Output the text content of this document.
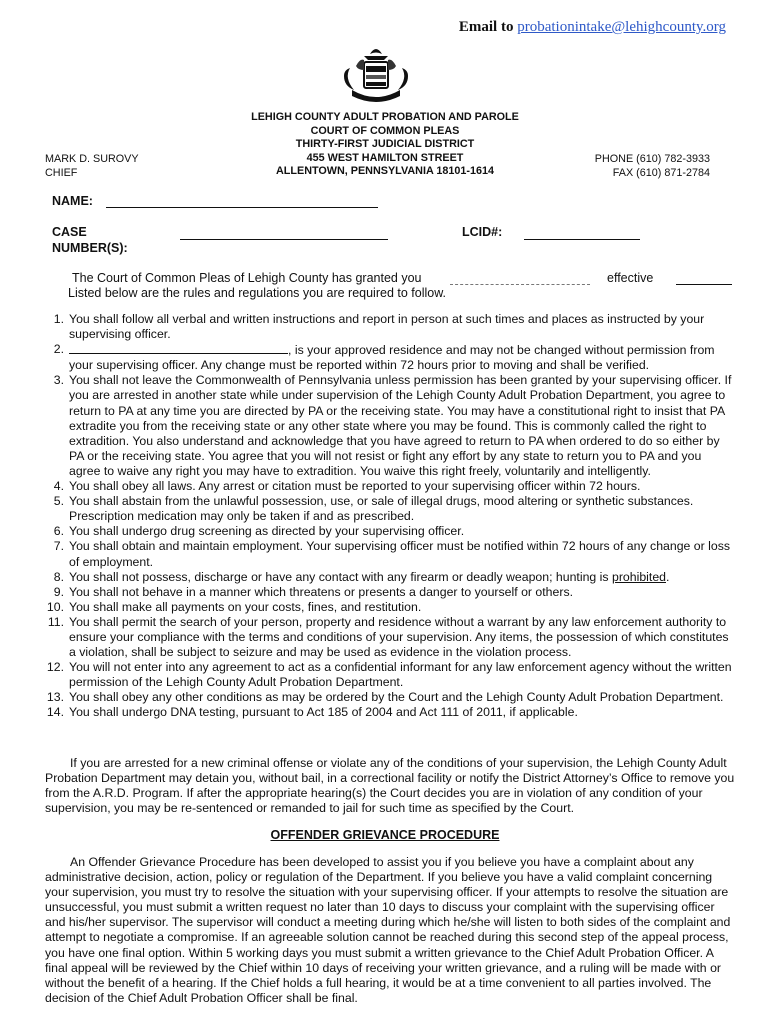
Email to probationintake@lehighcounty.org
LEHIGH COUNTY ADULT PROBATION AND PAROLE
COURT OF COMMON PLEAS
THIRTY-FIRST JUDICIAL DISTRICT
455 WEST HAMILTON STREET
ALLENTOWN, PENNSYLVANIA 18101-1614
MARK D. SUROVY
CHIEF
PHONE (610) 782-3933
FAX (610) 871-2784
NAME:
CASE
NUMBER(S):
LCID#:
The Court of Common Pleas of Lehigh County has granted you	effective
Listed below are the rules and regulations you are required to follow.
1. You shall follow all verbal and written instructions and report in person at such times and places as instructed by your supervising officer.
2.	, is your approved residence and may not be changed without permission from your supervising officer. Any change must be reported within 72 hours prior to moving and shall be verified.
3. You shall not leave the Commonwealth of Pennsylvania unless permission has been granted by your supervising officer. If you are arrested in another state while under supervision of the Lehigh County Adult Probation Department, you agree to return to PA at any time you are directed by PA or the receiving state. You may have a constitutional right to insist that PA extradite you from the receiving state or any other state where you may be found. This is commonly called the right to extradition. You also understand and acknowledge that you have agreed to return to PA when ordered to do so either by PA or the receiving state. You agree that you will not resist or fight any effort by any state to return you to PA and you agree to waive any right you may have to extradition. You waive this right freely, voluntarily and intelligently.
4. You shall obey all laws. Any arrest or citation must be reported to your supervising officer within 72 hours.
5. You shall abstain from the unlawful possession, use, or sale of illegal drugs, mood altering or synthetic substances. Prescription medication may only be taken if and as prescribed.
6. You shall undergo drug screening as directed by your supervising officer.
7. You shall obtain and maintain employment. Your supervising officer must be notified within 72 hours of any change or loss of employment.
8. You shall not possess, discharge or have any contact with any firearm or deadly weapon; hunting is prohibited.
9. You shall not behave in a manner which threatens or presents a danger to yourself or others.
10. You shall make all payments on your costs, fines, and restitution.
11. You shall permit the search of your person, property and residence without a warrant by any law enforcement authority to ensure your compliance with the terms and conditions of your supervision. Any items, the possession of which constitutes a violation, shall be subject to seizure and may be used as evidence in the violation process.
12. You will not enter into any agreement to act as a confidential informant for any law enforcement agency without the written permission of the Lehigh County Adult Probation Department.
13. You shall obey any other conditions as may be ordered by the Court and the Lehigh County Adult Probation Department.
14. You shall undergo DNA testing, pursuant to Act 185 of 2004 and Act 111 of 2011, if applicable.
If you are arrested for a new criminal offense or violate any of the conditions of your supervision, the Lehigh County Adult Probation Department may detain you, without bail, in a correctional facility or notify the District Attorney’s Office to remove you from the A.R.D. Program. If after the appropriate hearing(s) the Court decides you are in violation of any condition of your supervision, you may be re-sentenced or remanded to jail for such time as specified by the Court.
OFFENDER GRIEVANCE PROCEDURE
An Offender Grievance Procedure has been developed to assist you if you believe you have a complaint about any administrative decision, action, policy or regulation of the Department. If you believe you have a valid complaint concerning your supervision, you must try to resolve the situation with your supervising officer. If your attempts to resolve the situation are unsuccessful, you must submit a written request no later than 10 days to discuss your complaint with the supervising officer and his/her supervisor. The supervisor will conduct a meeting during which he/she will listen to both sides of the complaint and attempt to negotiate a compromise. If an agreeable solution cannot be reached during this second step of the appeal process, you have one final option. Within 5 working days you must submit a written grievance to the Chief Adult Probation Officer. A final appeal will be reviewed by the Chief within 10 days of receiving your written grievance, and a ruling will be made with or without the benefit of a hearing. If the Chief holds a full hearing, it would be at a time convenient to all parties involved. The decision of the Chief Adult Probation Officer shall be final.
